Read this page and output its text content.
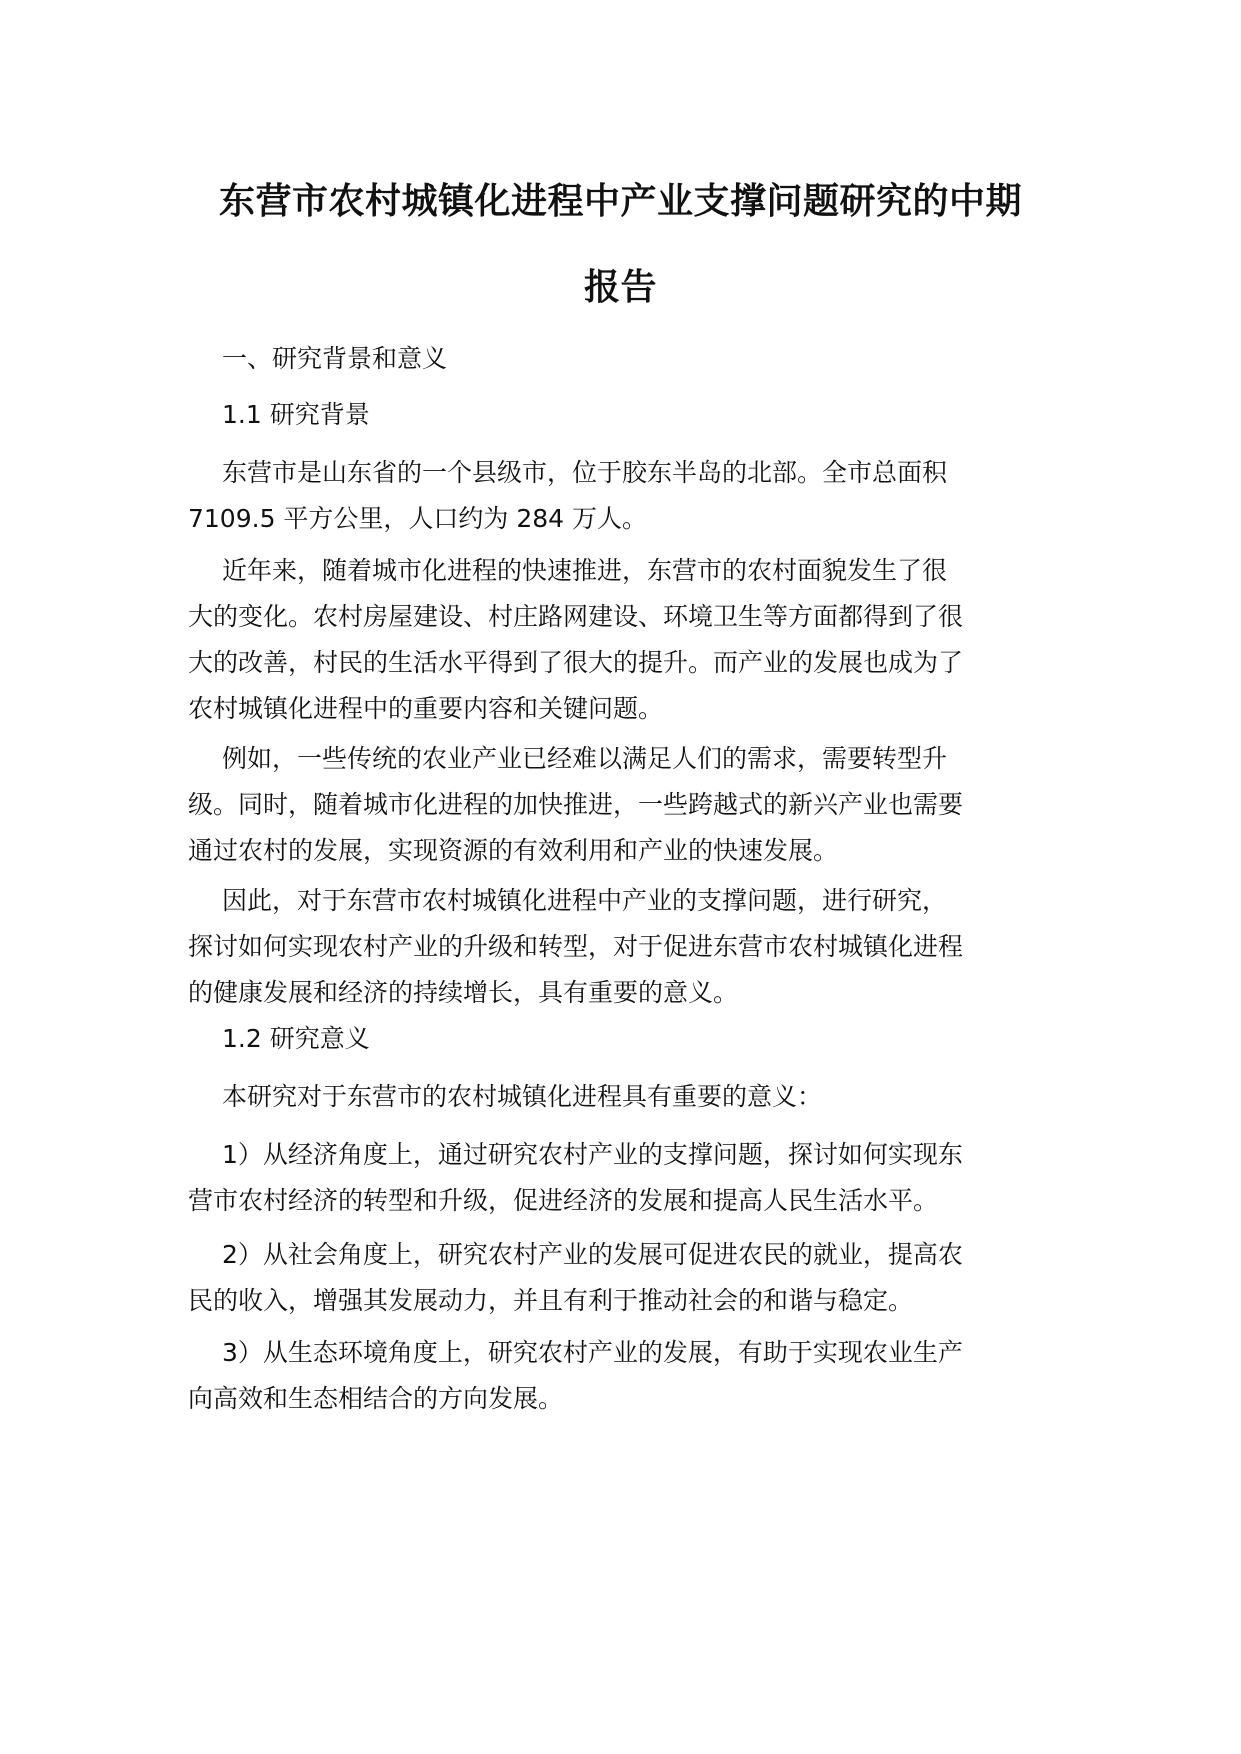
东营市农村城镇化进程中产业支撑问题研究的中期
报告
一、研究背景和意义
1.1 研究背景
东营市是山东省的一个县级市，位于胶东半岛的北部。全市总面积
7109.5 平方公里，人口约为 284 万人。
近年来，随着城市化进程的快速推进，东营市的农村面貌发生了很
大的变化。农村房屋建设、村庄路网建设、环境卫生等方面都得到了很
大的改善，村民的生活水平得到了很大的提升。而产业的发展也成为了
农村城镇化进程中的重要内容和关键问题。
例如，一些传统的农业产业已经难以满足人们的需求，需要转型升
级。同时，随着城市化进程的加快推进，一些跨越式的新兴产业也需要
通过农村的发展，实现资源的有效利用和产业的快速发展。
因此，对于东营市农村城镇化进程中产业的支撑问题，进行研究，
探讨如何实现农村产业的升级和转型，对于促进东营市农村城镇化进程
的健康发展和经济的持续增长，具有重要的意义。
1.2 研究意义
本研究对于东营市的农村城镇化进程具有重要的意义：
1）从经济角度上，通过研究农村产业的支撑问题，探讨如何实现东
营市农村经济的转型和升级，促进经济的发展和提高人民生活水平。
2）从社会角度上，研究农村产业的发展可促进农民的就业，提高农
民的收入，增强其发展动力，并且有利于推动社会的和谐与稳定。
3）从生态环境角度上，研究农村产业的发展，有助于实现农业生产
向高效和生态相结合的方向发展。
